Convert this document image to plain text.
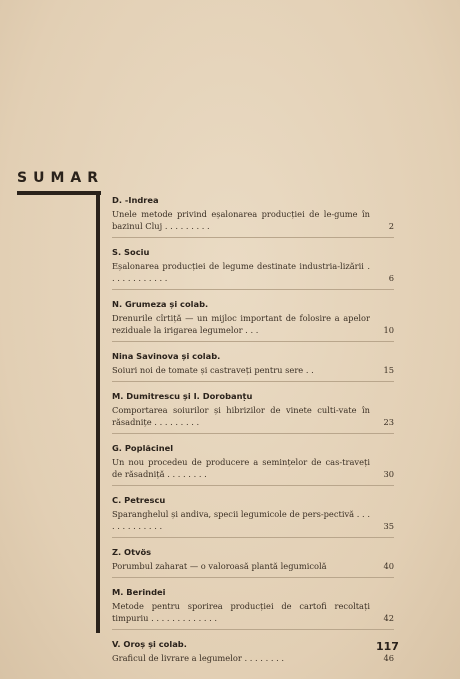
SUMAR
D. -Indrea
Unele metode privind eșalonarea producției de le-gume în bazinul Cluj . . . . . . . . .	2
S. Sociu
Eșalonarea producției de legume destinate industria-lizării . . . . . . . . . . . .	6
N. Grumeza și colab.
Drenurile cîrtiță — un mijloc important de folosire a apelor reziduale la irigarea legumelor . . .	10
Nina Savinova și colab.
Soiuri noi de tomate și castraveți pentru sere . .	15
M. Dumitrescu și I. Dorobanțu
Comportarea soiurilor și hibrizilor de vinete culti-vate în răsadnițe . . . . . . . . .	23
G. Poplăcinel
Un nou procedeu de producere a semințelor de cas-traveți de răsadniță . . . . . . . .	30
C. Petrescu
Sparanghelul și andiva, specii legumicole de pers-pectivă . . . . . . . . . . . . .	35
Z. Otvös
Porumbul zaharat — o valoroasă plantă legumicolă	40
M. Berindei
Metode pentru sporirea producției de cartofi recoltați timpuriu . . . . . . . . . . . . .	42
V. Oroș și colab.
Graficul de livrare a legumelor . . . . . . . .	46
117
